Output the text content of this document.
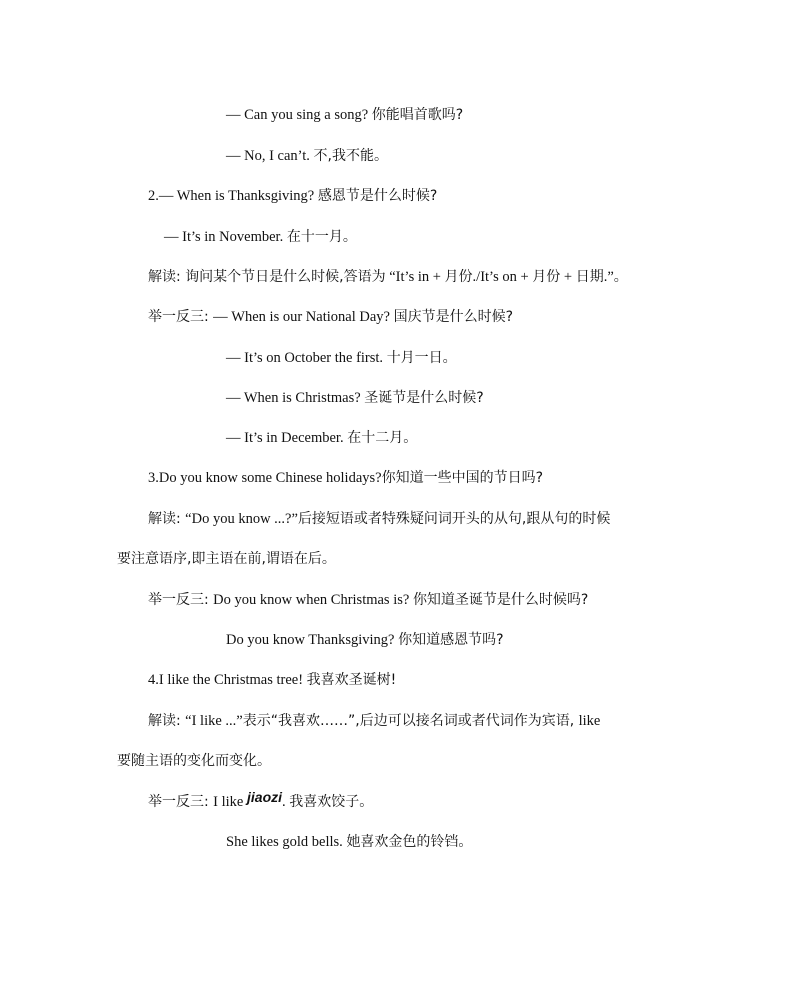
— Can you sing a song? 你能唱首歌吗?
— No, I can’t. 不,我不能。
2.— When is Thanksgiving? 感恩节是什么时候?
— It’s in November. 在十一月。
解读: 询问某个节日是什么时候,答语为 “It’s in + 月份./It’s on + 月份 + 日期.”。
举一反三: — When is our National Day? 国庆节是什么时候?
— It’s on October the first. 十月一日。
— When is Christmas? 圣诞节是什么时候?
— It’s in December. 在十二月。
3.Do you know some Chinese holidays?你知道一些中国的节日吗?
解读: “Do you know ...?”后接短语或者特殊疑问词开头的从句,跟从句的时候
要注意语序,即主语在前,谓语在后。
举一反三: Do you know when Christmas is? 你知道圣诞节是什么时候吗?
Do you know Thanksgiving? 你知道感恩节吗?
4.I like the Christmas tree! 我喜欢圣诞树!
解读: “I like ...”表示“我喜欢……”,后边可以接名词或者代词作为宾语, like
要随主语的变化而变化。
举一反三: I like jiaozi. 我喜欢饺子。
She likes gold bells. 她喜欢金色的铃铛。
